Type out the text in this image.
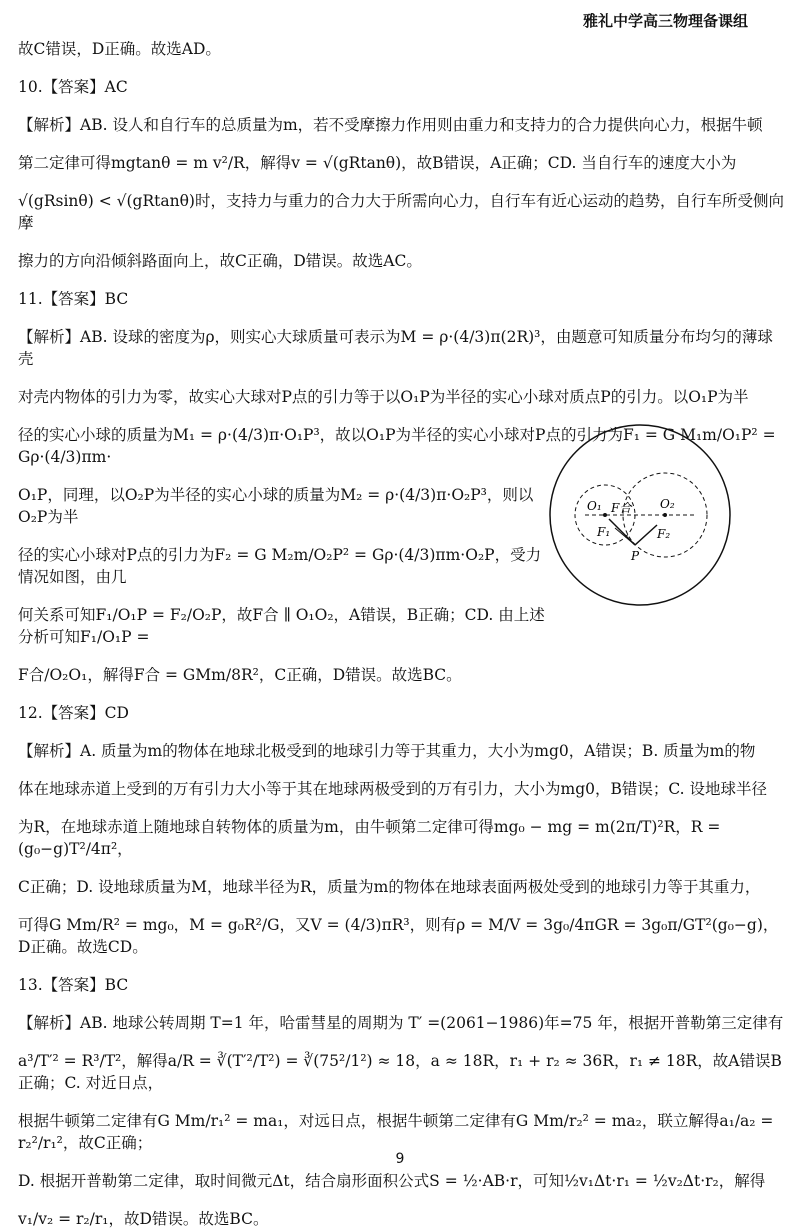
雅礼中学高三物理备课组

故C错误，D正确。故选AD。

10.【答案】AC

【解析】AB. 设人和自行车的总质量为m，若不受摩擦力作用则由重力和支持力的合力提供向心力，根据牛顿

第二定律可得mgtanθ = m v²/R，解得v = √(gRtanθ)，故B错误，A正确；CD. 当自行车的速度大小为

√(gRsinθ) < √(gRtanθ)时，支持力与重力的合力大于所需向心力，自行车有近心运动的趋势，自行车所受侧向摩

擦力的方向沿倾斜路面向上，故C正确，D错误。故选AC。

11.【答案】BC

【解析】AB. 设球的密度为ρ，则实心大球质量可表示为M = ρ·(4/3)π(2R)³，由题意可知质量分布均匀的薄球壳

对壳内物体的引力为零，故实心大球对P点的引力等于以O₁P为半径的实心小球对质点P的引力。以O₁P为半

径的实心小球的质量为M₁ = ρ·(4/3)π·O₁P³，故以O₁P为半径的实心小球对P点的引力为F₁ = G M₁m/O₁P² = Gρ·(4/3)πm·

O₁P，同理，以O₂P为半径的实心小球的质量为M₂ = ρ·(4/3)π·O₂P³，则以O₂P为半

径的实心小球对P点的引力为F₂ = G M₂m/O₂P² = Gρ·(4/3)πm·O₂P，受力情况如图，由几

何关系可知F₁/O₁P = F₂/O₂P，故F合 ∥ O₁O₂，A错误，B正确；CD. 由上述分析可知F₁/O₁P =

F合/O₂O₁，解得F合 = GMm/8R²，C正确，D错误。故选BC。

12.【答案】CD

【解析】A. 质量为m的物体在地球北极受到的地球引力等于其重力，大小为mg0，A错误；B. 质量为m的物

体在地球赤道上受到的万有引力大小等于其在地球两极受到的万有引力，大小为mg0，B错误；C. 设地球半径

为R，在地球赤道上随地球自转物体的质量为m，由牛顿第二定律可得mg₀ − mg = m(2π/T)²R，R = (g₀−g)T²/4π²，

C正确；D. 设地球质量为M，地球半径为R，质量为m的物体在地球表面两极处受到的地球引力等于其重力，

可得G Mm/R² = mg₀，M = g₀R²/G，又V = (4/3)πR³，则有ρ = M/V = 3g₀/4πGR = 3g₀π/GT²(g₀−g)，D正确。故选CD。

13.【答案】BC

【解析】AB. 地球公转周期 T=1 年，哈雷彗星的周期为 T′ =(2061−1986)年=75 年，根据开普勒第三定律有

a³/T′² = R³/T²，解得a/R = ∛(T′²/T²) = ∛(75²/1²) ≈ 18，a ≈ 18R，r₁ + r₂ ≈ 36R，r₁ ≠ 18R，故A错误B正确；C. 对近日点，

根据牛顿第二定律有G Mm/r₁² = ma₁，对远日点，根据牛顿第二定律有G Mm/r₂² = ma₂，联立解得a₁/a₂ = r₂²/r₁²，故C正确；

D. 根据开普勒第二定律，取时间微元Δt，结合扇形面积公式S = ½·AB·r，可知½v₁Δt·r₁ = ½v₂Δt·r₂，解得

v₁/v₂ = r₂/r₁，故D错误。故选BC。

O₁	O₂
F合
F₁	F₂
P
9
